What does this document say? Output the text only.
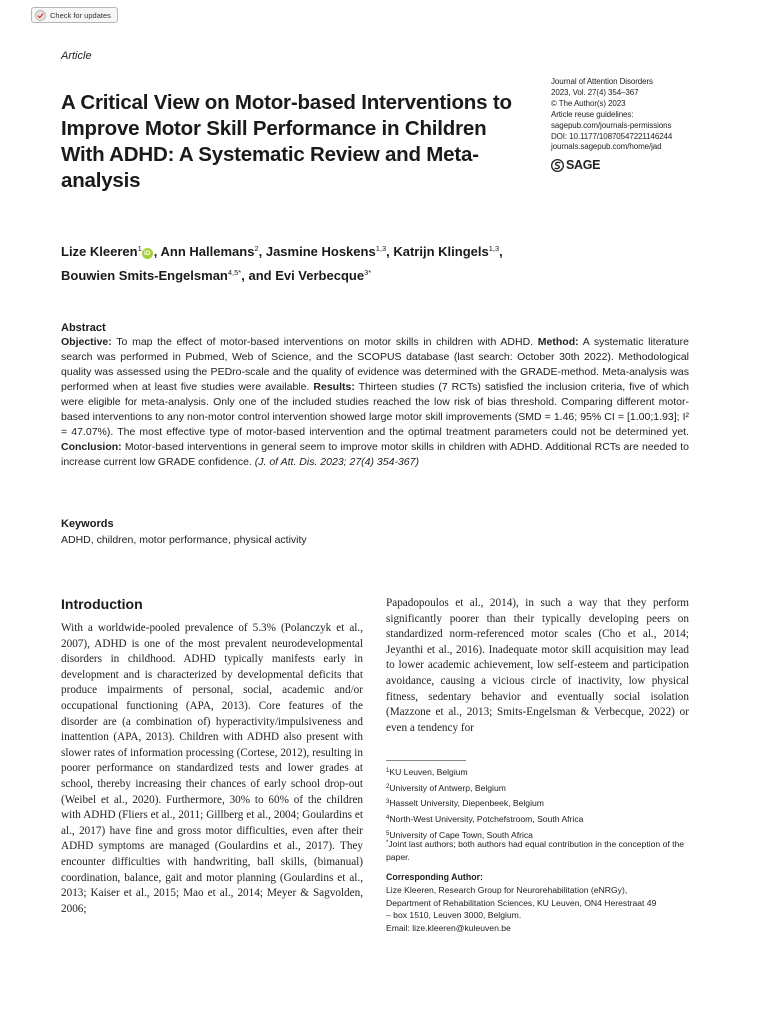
Check for updates
Article
Journal of Attention Disorders
2023, Vol. 27(4) 354–367
© The Author(s) 2023
Article reuse guidelines:
sagepub.com/journals-permissions
DOI: 10.1177/10870547221146244
journals.sagepub.com/home/jad
SAGE
A Critical View on Motor-based Interventions to Improve Motor Skill Performance in Children With ADHD: A Systematic Review and Meta-analysis
Lize Kleeren$^1$iD , Ann Hallemans$^2$, Jasmine Hoskens$^{1,3}$, Katrijn Klingels$^{1,3}$,
Bouwien Smits-Engelsman$^{4,5*}$, and Evi Verbecque$^{3*}$
Abstract

Objective: To map the effect of motor-based interventions on motor skills in children with ADHD. Method: A systematic literature search was performed in Pubmed, Web of Science, and the SCOPUS database (last search: October 30th 2022). Methodological quality was assessed using the PEDro-scale and the quality of evidence was determined with the GRADE-method. Meta-analysis was performed when at least five studies were available. Results: Thirteen studies (7 RCTs) satisfied the inclusion criteria, five of which were eligible for meta-analysis. Only one of the included studies reached the low risk of bias threshold. Comparing different motor-based interventions to any non-motor control intervention showed large motor skill improvements (SMD = 1.46; 95% CI = [1.00;1.93]; I² = 47.07%). The most effective type of motor-based intervention and the optimal treatment parameters could not be determined yet. Conclusion: Motor-based interventions in general seem to improve motor skills in children with ADHD. Additional RCTs are needed to increase current low GRADE confidence. (J. of Att. Dis. 2023; 27(4) 354-367)

Keywords
ADHD, children, motor performance, physical activity
Introduction

With a worldwide-pooled prevalence of 5.3% (Polanczyk et al., 2007), ADHD is one of the most prevalent neurodevelopmental disorders in childhood. ADHD typically manifests early in development and is characterized by developmental deficits that produce impairments of personal, social, academic and/or occupational functioning (APA, 2013). Core features of the disorder are (a combination of) hyperactivity/impulsiveness and inattention (APA, 2013). Children with ADHD also present with slower rates of information processing (Cortese, 2012), resulting in poorer performance on standardized tests and lower grades at school, thereby increasing their chances of early school drop-out (Weibel et al., 2020). Furthermore, 30% to 60% of the children with ADHD (Fliers et al., 2011; Gillberg et al., 2004; Goulardins et al., 2017) have fine and gross motor difficulties, even after their ADHD symptoms are managed (Goulardins et al., 2017). They encounter difficulties with handwriting, ball skills, (bimanual) coordination, balance, gait and motor planning (Goulardins et al., 2013; Kaiser et al., 2015; Mao et al., 2014; Meyer & Sagvolden, 2006;

Papadopoulos et al., 2014), in such a way that they perform significantly poorer than their typically developing peers on standardized norm-referenced motor scales (Cho et al., 2014; Jeyanthi et al., 2016). Inadequate motor skill acquisition may lead to lower academic achievement, low self-esteem and participation avoidance, causing a vicious circle of inactivity, low physical fitness, sedentary behavior and eventually social isolation (Mazzone et al., 2013; Smits-Engelsman & Verbecque, 2022) or even a tendency for

$^1$KU Leuven, Belgium
$^2$University of Antwerp, Belgium
$^3$Hasselt University, Diepenbeek, Belgium
$^4$North-West University, Potchefstroom, South Africa
$^5$University of Cape Town, South Africa
*Joint last authors; both authors had equal contribution in the conception of the paper.
Corresponding Author:
Lize Kleeren, Research Group for Neurorehabilitation (eNRGy),
Department of Rehabilitation Sciences, KU Leuven, ON4 Herestraat 49
– box 1510, Leuven 3000, Belgium.
Email: lize.kleeren@kuleuven.be
